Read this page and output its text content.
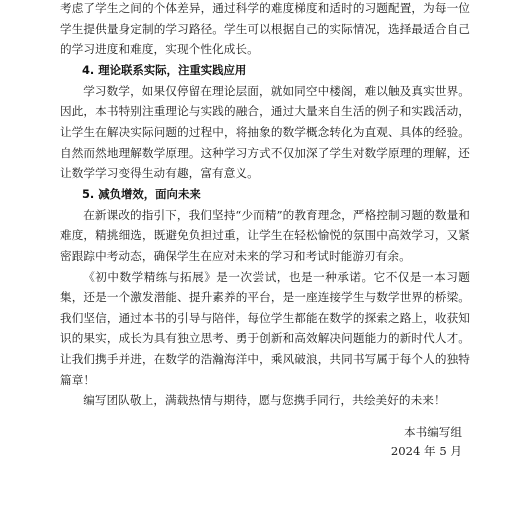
考虑了学生之间的个体差异，通过科学的难度梯度和适时的习题配置，为每一位学生提供量身定制的学习路径。学生可以根据自己的实际情况，选择最适合自己的学习进度和难度，实现个性化成长。

4. 理论联系实际，注重实践应用

学习数学，如果仅停留在理论层面，就如同空中楼阁，难以触及真实世界。因此，本书特别注重理论与实践的融合，通过大量来自生活的例子和实践活动，让学生在解决实际问题的过程中，将抽象的数学概念转化为直观、具体的经验。自然而然地理解数学原理。这种学习方式不仅加深了学生对数学原理的理解，还让数学学习变得生动有趣，富有意义。

5. 减负增效，面向未来

在新课改的指引下，我们坚持“少而精”的教育理念，严格控制习题的数量和难度，精挑细选，既避免负担过重，让学生在轻松愉悦的氛围中高效学习，又紧密跟踪中考动态，确保学生在应对未来的学习和考试时能游刃有余。

《初中数学精练与拓展》是一次尝试，也是一种承诺。它不仅是一本习题集，还是一个激发潜能、提升素养的平台，是一座连接学生与数学世界的桥梁。我们坚信，通过本书的引导与陪伴，每位学生都能在数学的探索之路上，收获知识的果实，成长为具有独立思考、勇于创新和高效解决问题能力的新时代人才。让我们携手并进，在数学的浩瀚海洋中，乘风破浪，共同书写属于每个人的独特篇章！

编写团队敬上，满载热情与期待，愿与您携手同行，共绘美好的未来！

本书编写组
2024 年 5 月
